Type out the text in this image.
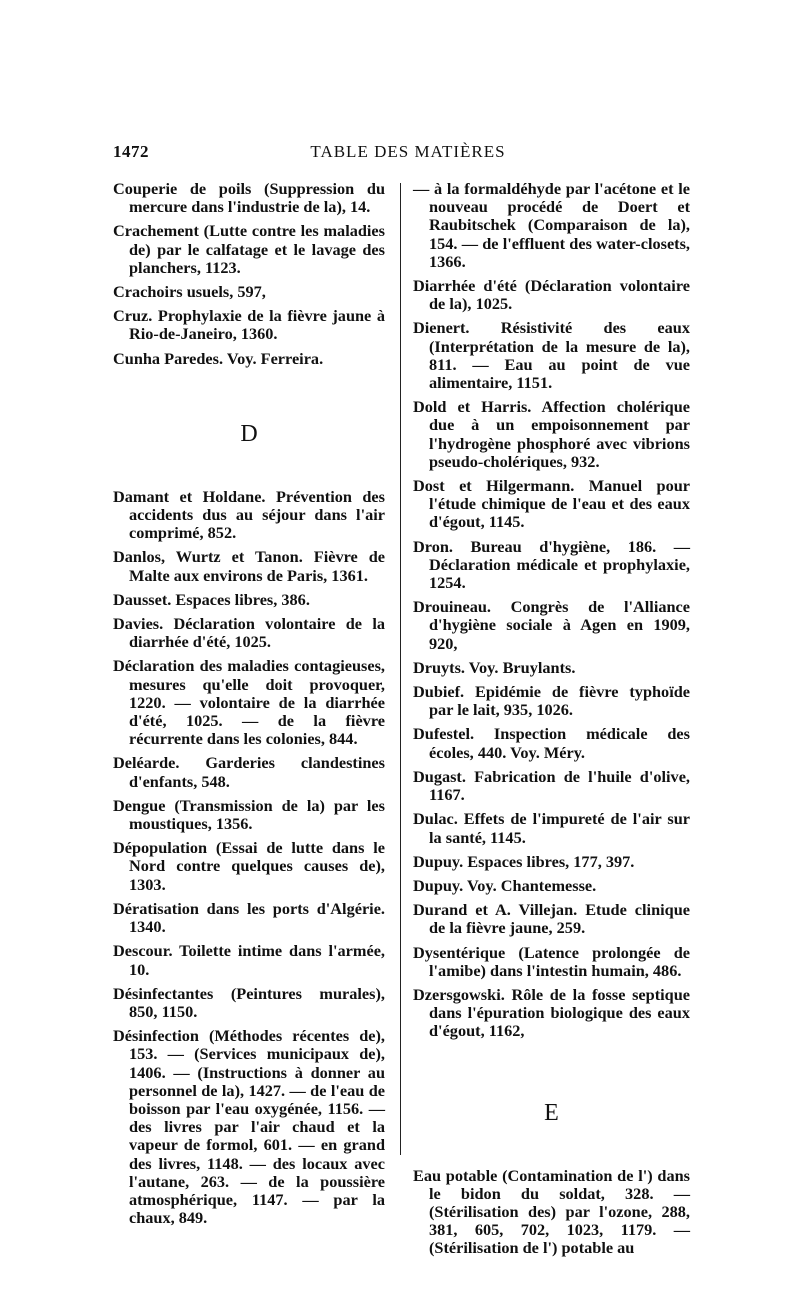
1472	TABLE DES MATIÈRES

Couperie de poils (Suppression du mercure dans l'industrie de la), 14.

Crachement (Lutte contre les maladies de) par le calfatage et le lavage des planchers, 1123.

Crachoirs usuels, 597,

Cruz. Prophylaxie de la fièvre jaune à Rio-de-Janeiro, 1360.

Cunha Paredes. Voy. Ferreira.

D

Damant et Holdane. Prévention des accidents dus au séjour dans l'air comprimé, 852.

Danlos, Wurtz et Tanon. Fièvre de Malte aux environs de Paris, 1361.

Dausset. Espaces libres, 386.

Davies. Déclaration volontaire de la diarrhée d'été, 1025.

Déclaration des maladies contagieuses, mesures qu'elle doit provoquer, 1220. — volontaire de la diarrhée d'été, 1025. — de la fièvre récurrente dans les colonies, 844.

Deléarde. Garderies clandestines d'enfants, 548.

Dengue (Transmission de la) par les moustiques, 1356.

Dépopulation (Essai de lutte dans le Nord contre quelques causes de), 1303.

Dératisation dans les ports d'Algérie. 1340.

Descour. Toilette intime dans l'armée, 10.

Désinfectantes (Peintures murales), 850, 1150.

Désinfection (Méthodes récentes de), 153. — (Services municipaux de), 1406. — (Instructions à donner au personnel de la), 1427. — de l'eau de boisson par l'eau oxygénée, 1156. — des livres par l'air chaud et la vapeur de formol, 601. — en grand des livres, 1148. — des locaux avec l'autane, 263. — de la poussière atmosphérique, 1147. — par la chaux, 849.

— à la formaldéhyde par l'acétone et le nouveau procédé de Doert et Raubitschek (Comparaison de la), 154. — de l'effluent des water-closets, 1366.

Diarrhée d'été (Déclaration volontaire de la), 1025.

Dienert. Résistivité des eaux (Interprétation de la mesure de la), 811. — Eau au point de vue alimentaire, 1151.

Dold et Harris. Affection cholérique due à un empoisonnement par l'hydrogène phosphoré avec vibrions pseudo-cholériques, 932.

Dost et Hilgermann. Manuel pour l'étude chimique de l'eau et des eaux d'égout, 1145.

Dron. Bureau d'hygiène, 186. — Déclaration médicale et prophylaxie, 1254.

Drouineau. Congrès de l'Alliance d'hygiène sociale à Agen en 1909, 920,

Druyts. Voy. Bruylants.

Dubief. Epidémie de fièvre typhoïde par le lait, 935, 1026.

Dufestel. Inspection médicale des écoles, 440. Voy. Méry.

Dugast. Fabrication de l'huile d'olive, 1167.

Dulac. Effets de l'impureté de l'air sur la santé, 1145.

Dupuy. Espaces libres, 177, 397.

Dupuy. Voy. Chantemesse.

Durand et A. Villejan. Etude clinique de la fièvre jaune, 259.

Dysentérique (Latence prolongée de l'amibe) dans l'intestin humain, 486.

Dzersgowski. Rôle de la fosse septique dans l'épuration biologique des eaux d'égout, 1162,

E

Eau potable (Contamination de l') dans le bidon du soldat, 328. — (Stérilisation des) par l'ozone, 288, 381, 605, 702, 1023, 1179. — (Stérilisation de l') potable au
